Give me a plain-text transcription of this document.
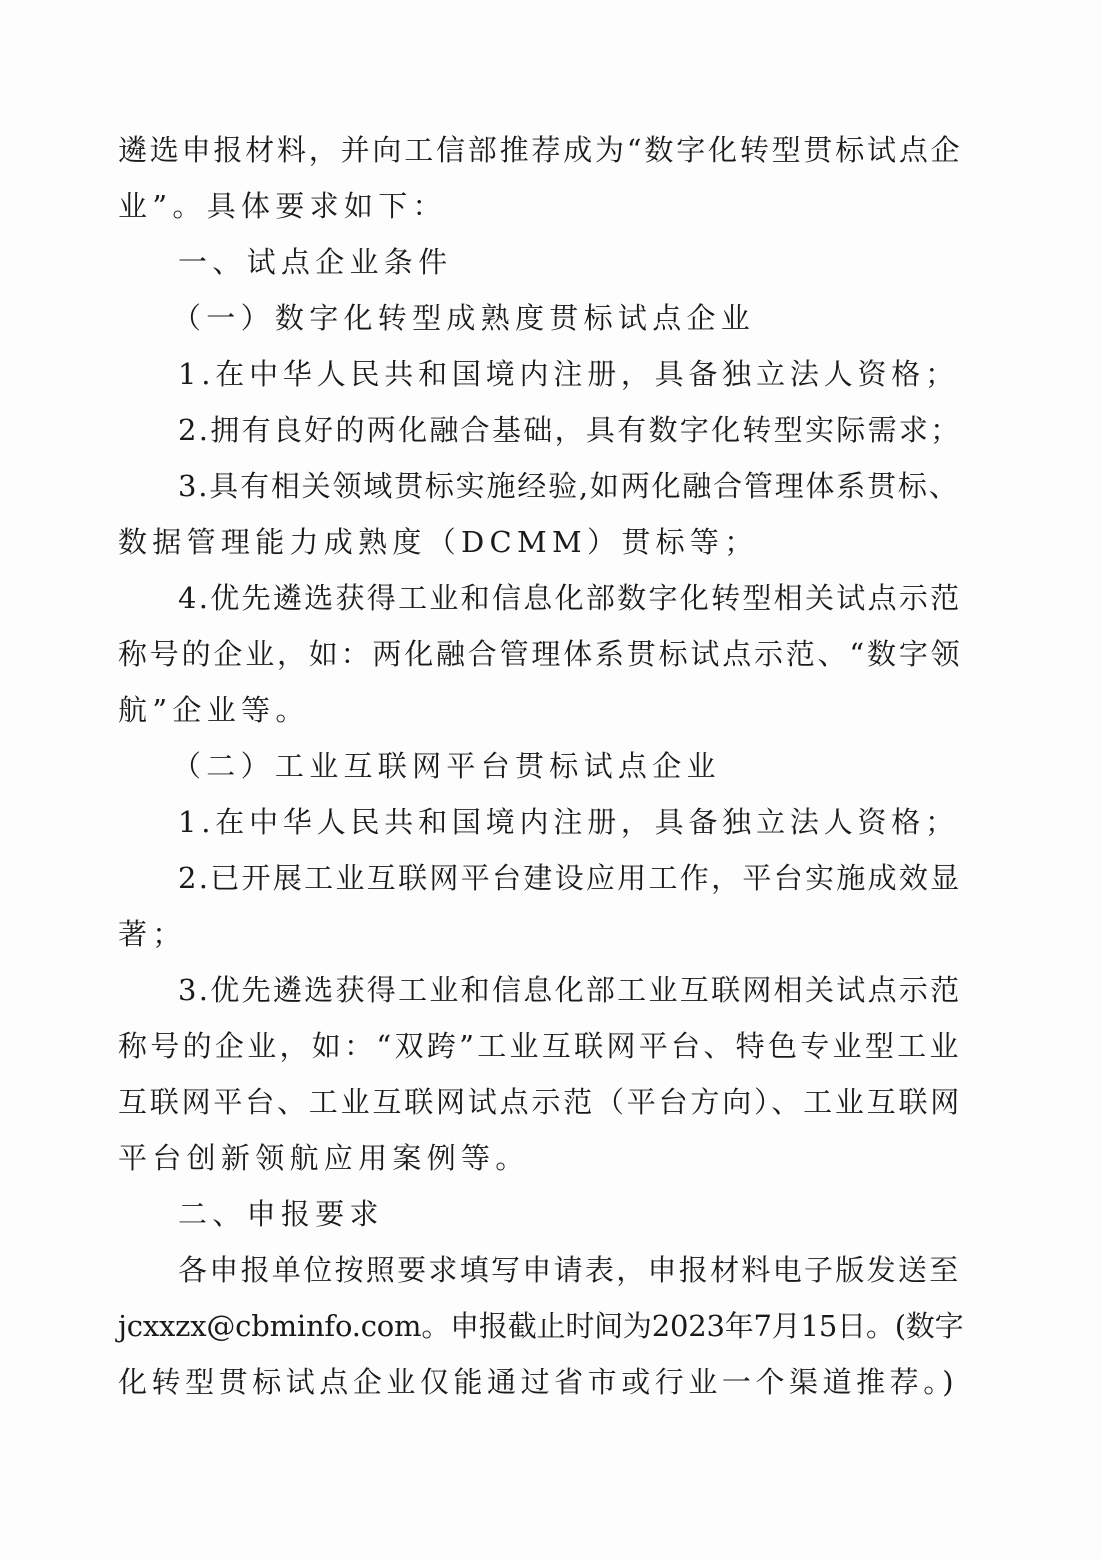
遴选申报材料，并向工信部推荐成为“数字化转型贯标试点企
业”。具体要求如下：
一、试点企业条件
（一）数字化转型成熟度贯标试点企业
1.在中华人民共和国境内注册，具备独立法人资格；
2.拥有良好的两化融合基础，具有数字化转型实际需求；
3.具有相关领域贯标实施经验,如两化融合管理体系贯标、
数据管理能力成熟度（DCMM）贯标等；
4.优先遴选获得工业和信息化部数字化转型相关试点示范
称号的企业，如：两化融合管理体系贯标试点示范、“数字领
航”企业等。
（二）工业互联网平台贯标试点企业
1.在中华人民共和国境内注册，具备独立法人资格；
2.已开展工业互联网平台建设应用工作，平台实施成效显
著；
3.优先遴选获得工业和信息化部工业互联网相关试点示范
称号的企业，如：“双跨”工业互联网平台、特色专业型工业
互联网平台、工业互联网试点示范（平台方向）、工业互联网
平台创新领航应用案例等。
二、申报要求
各申报单位按照要求填写申请表，申报材料电子版发送至
jcxxzx@cbminfo.com。申报截止时间为2023年7月15日。(数字
化转型贯标试点企业仅能通过省市或行业一个渠道推荐。)
